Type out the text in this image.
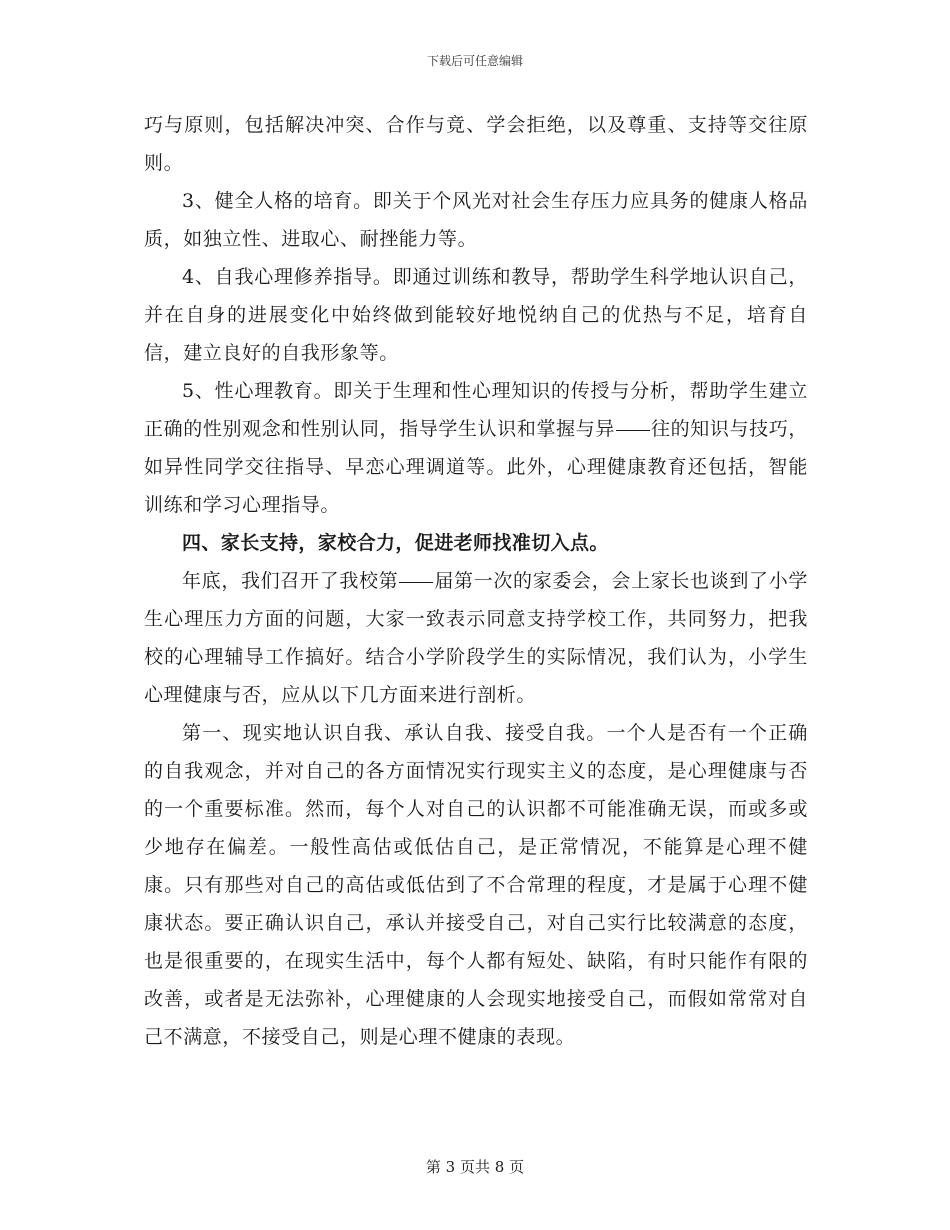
下载后可任意编辑

巧与原则，包括解决冲突、合作与竟、学会拒绝，以及尊重、支持等交往原则。

3、健全人格的培育。即关于个风光对社会生存压力应具务的健康人格品质，如独立性、进取心、耐挫能力等。

4、自我心理修养指导。即通过训练和教导，帮助学生科学地认识自己，并在自身的进展变化中始终做到能较好地悦纳自己的优热与不足，培育自信，建立良好的自我形象等。

5、性心理教育。即关于生理和性心理知识的传授与分析，帮助学生建立正确的性别观念和性别认同，指导学生认识和掌握与异 往的知识与技巧，如异性同学交往指导、早恋心理调道等。此外，心理健康教育还包括，智能训练和学习心理指导。

四、家长支持，家校合力，促进老师找准切入点。

年底，我们召开了我校第 届第一次的家委会，会上家长也谈到了小学生心理压力方面的问题，大家一致表示同意支持学校工作，共同努力，把我校的心理辅导工作搞好。结合小学阶段学生的实际情况，我们认为，小学生心理健康与否，应从以下几方面来进行剖析。

第一、现实地认识自我、承认自我、接受自我。一个人是否有一个正确的自我观念，并对自己的各方面情况实行现实主义的态度，是心理健康与否的一个重要标准。然而，每个人对自己的认识都不可能准确无误，而或多或少地存在偏差。一般性高估或低估自己，是正常情况，不能算是心理不健康。只有那些对自己的高估或低估到了不合常理的程度，才是属于心理不健康状态。要正确认识自己，承认并接受自己，对自己实行比较满意的态度，也是很重要的，在现实生活中，每个人都有短处、缺陷，有时只能作有限的改善，或者是无法弥补，心理健康的人会现实地接受自己，而假如常常对自己不满意，不接受自己，则是心理不健康的表现。

第 3 页共 8 页
